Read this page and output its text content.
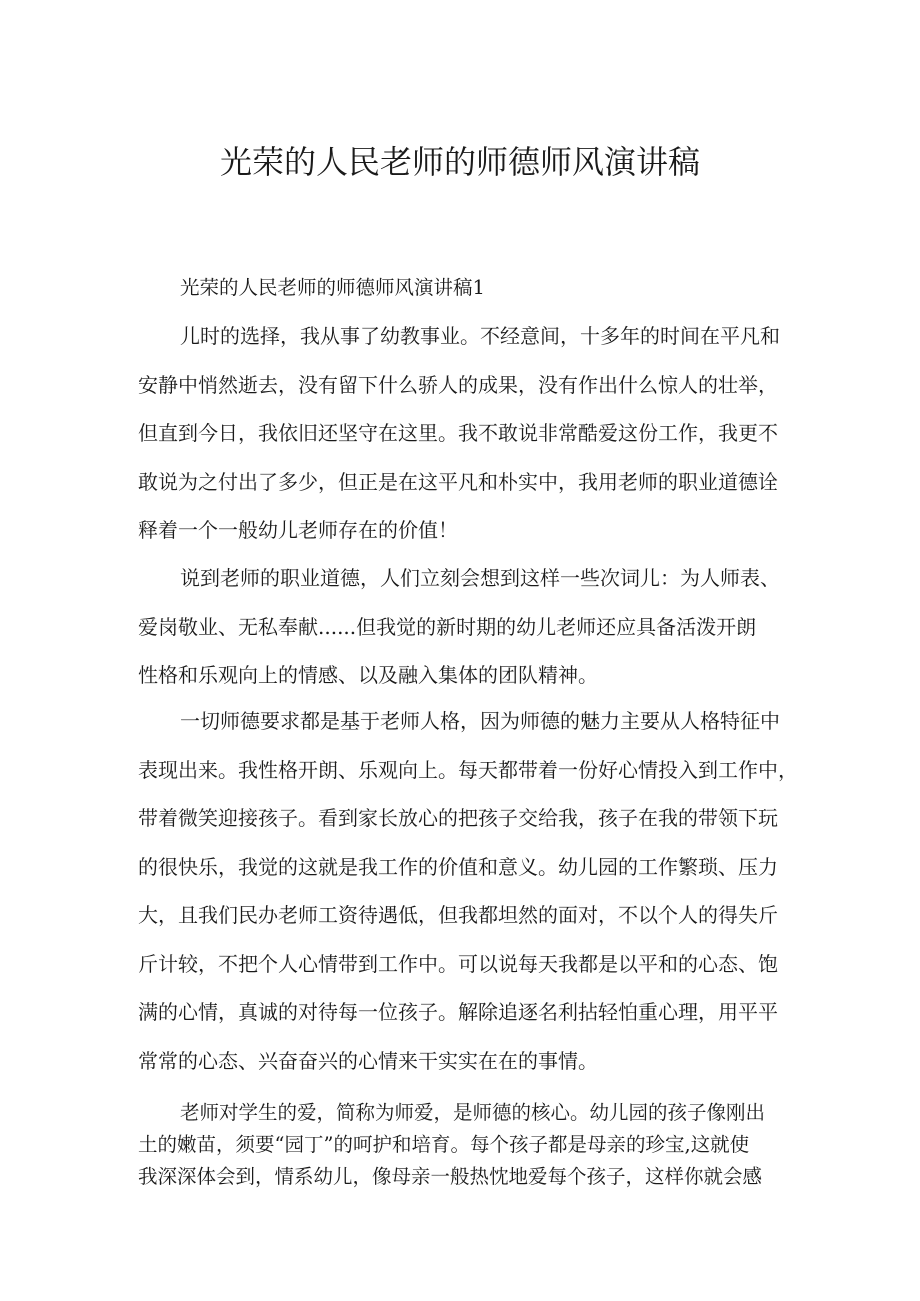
光荣的人民老师的师德师风演讲稿

光荣的人民老师的师德师风演讲稿1

儿时的选择，我从事了幼教事业。不经意间，十多年的时间在平凡和
安静中悄然逝去，没有留下什么骄人的成果，没有作出什么惊人的壮举，
但直到今日，我依旧还坚守在这里。我不敢说非常酷爱这份工作，我更不
敢说为之付出了多少，但正是在这平凡和朴实中，我用老师的职业道德诠
释着一个一般幼儿老师存在的价值！
说到老师的职业道德，人们立刻会想到这样一些次词儿：为人师表、
爱岗敬业、无私奉献......但我觉的新时期的幼儿老师还应具备活泼开朗
性格和乐观向上的情感、以及融入集体的团队精神。
一切师德要求都是基于老师人格，因为师德的魅力主要从人格特征中
表现出来。我性格开朗、乐观向上。每天都带着一份好心情投入到工作中，
带着微笑迎接孩子。看到家长放心的把孩子交给我，孩子在我的带领下玩
的很快乐，我觉的这就是我工作的价值和意义。幼儿园的工作繁琐、压力
大，且我们民办老师工资待遇低，但我都坦然的面对，不以个人的得失斤
斤计较，不把个人心情带到工作中。可以说每天我都是以平和的心态、饱
满的心情，真诚的对待每一位孩子。解除追逐名利拈轻怕重心理，用平平
常常的心态、兴奋奋兴的心情来干实实在在的事情。
老师对学生的爱，简称为师爱，是师德的核心。幼儿园的孩子像刚出
土的嫩苗，须要“园丁”的呵护和培育。每个孩子都是母亲的珍宝,这就使
我深深体会到，情系幼儿，像母亲一般热忱地爱每个孩子，这样你就会感
